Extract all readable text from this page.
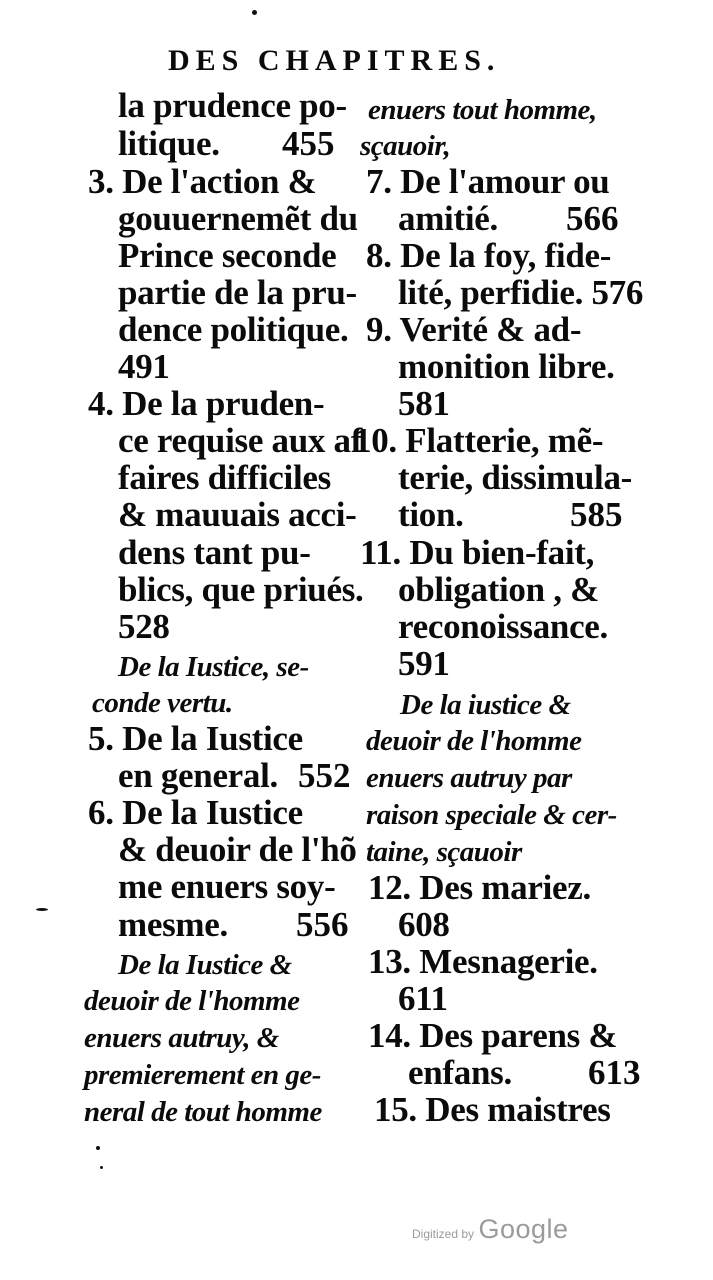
DES CHAPITRES.
la prudence po-
litique. 455
3. De l'action &
gouuernemẽt du
Prince seconde
partie de la pru-
dence politique.
491
4. De la pruden-
ce requise aux af
faires difficiles
& mauuais acci-
dens tant pu-
blics, que priués.
528
De la Iustice, se-
conde vertu.
5. De la Iustice
en general. 552
6. De la Iustice
& deuoir de l'hõ
me enuers soy-
mesme. 556
De la Iustice &
deuoir de l'homme
enuers autruy, &
premierement en ge-
neral de tout homme
enuers tout homme,
sçauoir,
7. De l'amour ou
amitié. 566
8. De la foy, fide-
lité, perfidie. 576
9. Verité & ad-
monition libre.
581
10. Flatterie, mẽ-
terie, dissimula-
tion.	585
11. Du bien-fait,
obligation , &
reconoissance.
591
De la iustice &
deuoir de l'homme
enuers autruy par
raison speciale & cer-
taine, sçauoir
12. Des mariez.
608
13. Mesnagerie.
611
14. Des parens &
enfans. 613
15. Des maistres
Digitized by Google
